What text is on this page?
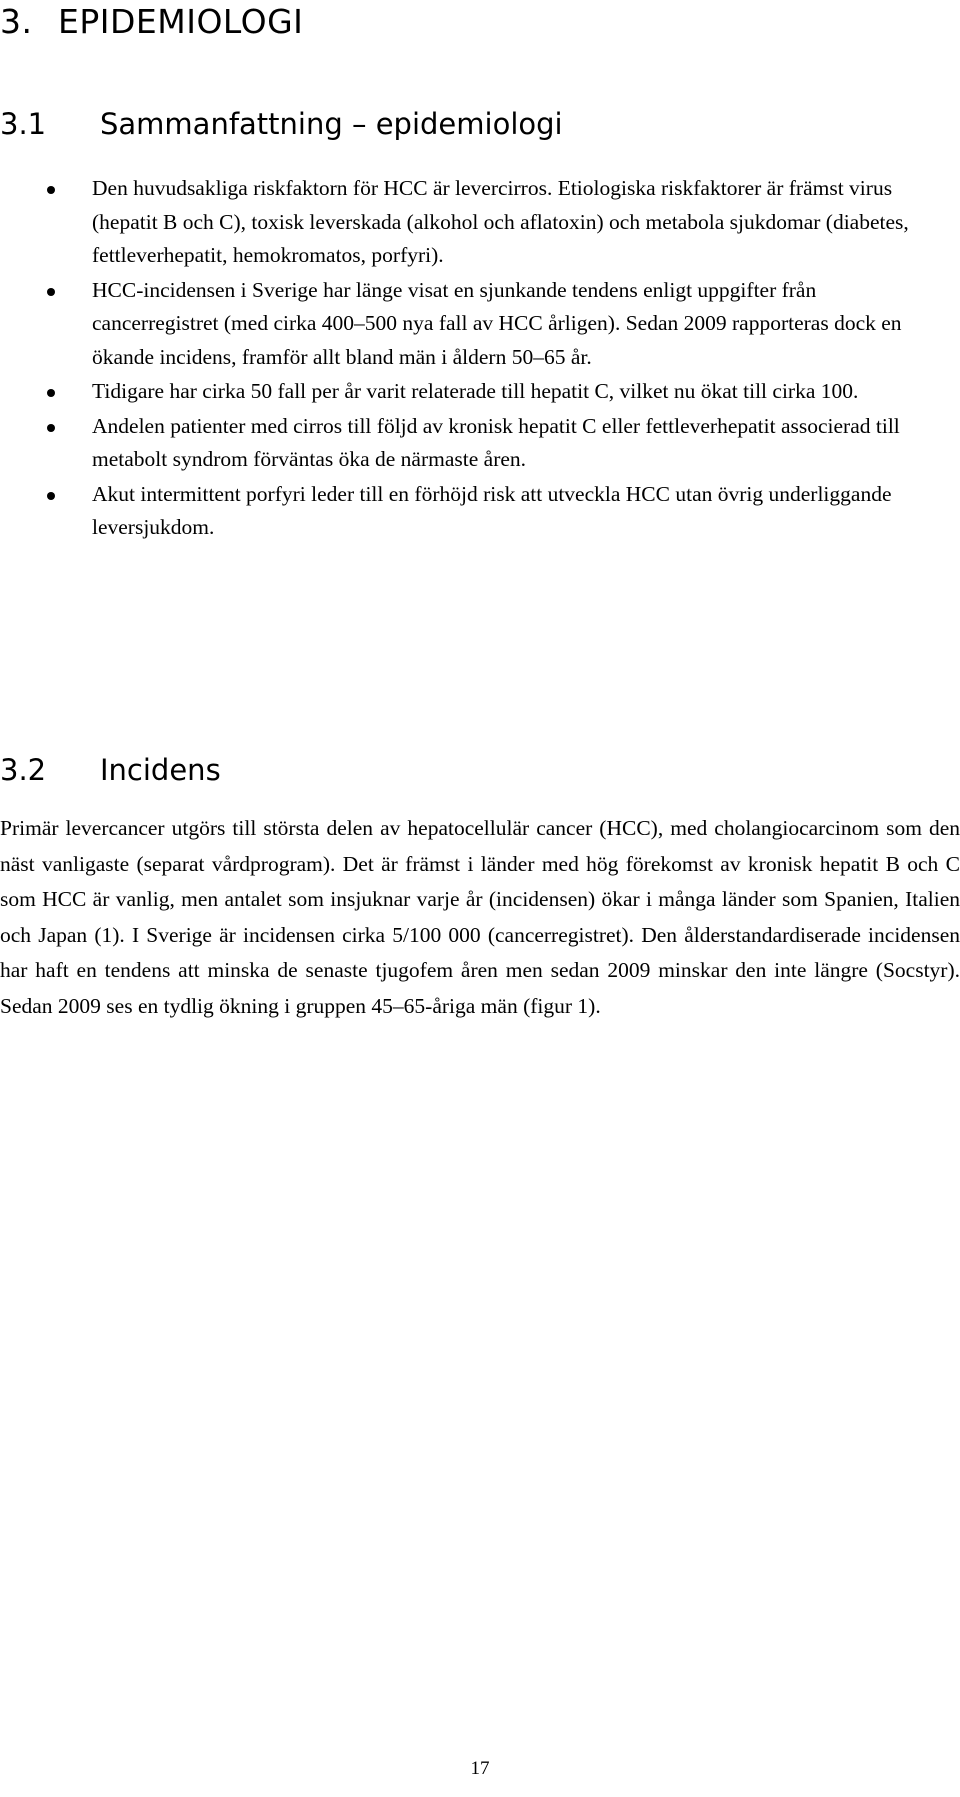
3. EPIDEMIOLOGI
3.1 Sammanfattning – epidemiologi
Den huvudsakliga riskfaktorn för HCC är levercirros. Etiologiska riskfaktorer är främst virus (hepatit B och C), toxisk leverskada (alkohol och aflatoxin) och metabola sjukdomar (diabetes, fettleverhepatit, hemokromatos, porfyri).
HCC-incidensen i Sverige har länge visat en sjunkande tendens enligt uppgifter från cancerregistret (med cirka 400–500 nya fall av HCC årligen). Sedan 2009 rapporteras dock en ökande incidens, framför allt bland män i åldern 50–65 år.
Tidigare har cirka 50 fall per år varit relaterade till hepatit C, vilket nu ökat till cirka 100.
Andelen patienter med cirros till följd av kronisk hepatit C eller fettleverhepatit associerad till metabolt syndrom förväntas öka de närmaste åren.
Akut intermittent porfyri leder till en förhöjd risk att utveckla HCC utan övrig underliggande leversjukdom.
3.2 Incidens

Primär levercancer utgörs till största delen av hepatocellulär cancer (HCC), med cholangiocarcinom som den näst vanligaste (separat vårdprogram). Det är främst i länder med hög förekomst av kronisk hepatit B och C som HCC är vanlig, men antalet som insjuknar varje år (incidensen) ökar i många länder som Spanien, Italien och Japan (1). I Sverige är incidensen cirka 5/100 000 (cancerregistret). Den ålderstandardiserade incidensen har haft en tendens att minska de senaste tjugofem åren men sedan 2009 minskar den inte längre (Socstyr). Sedan 2009 ses en tydlig ökning i gruppen 45–65-åriga män (figur 1).

17
